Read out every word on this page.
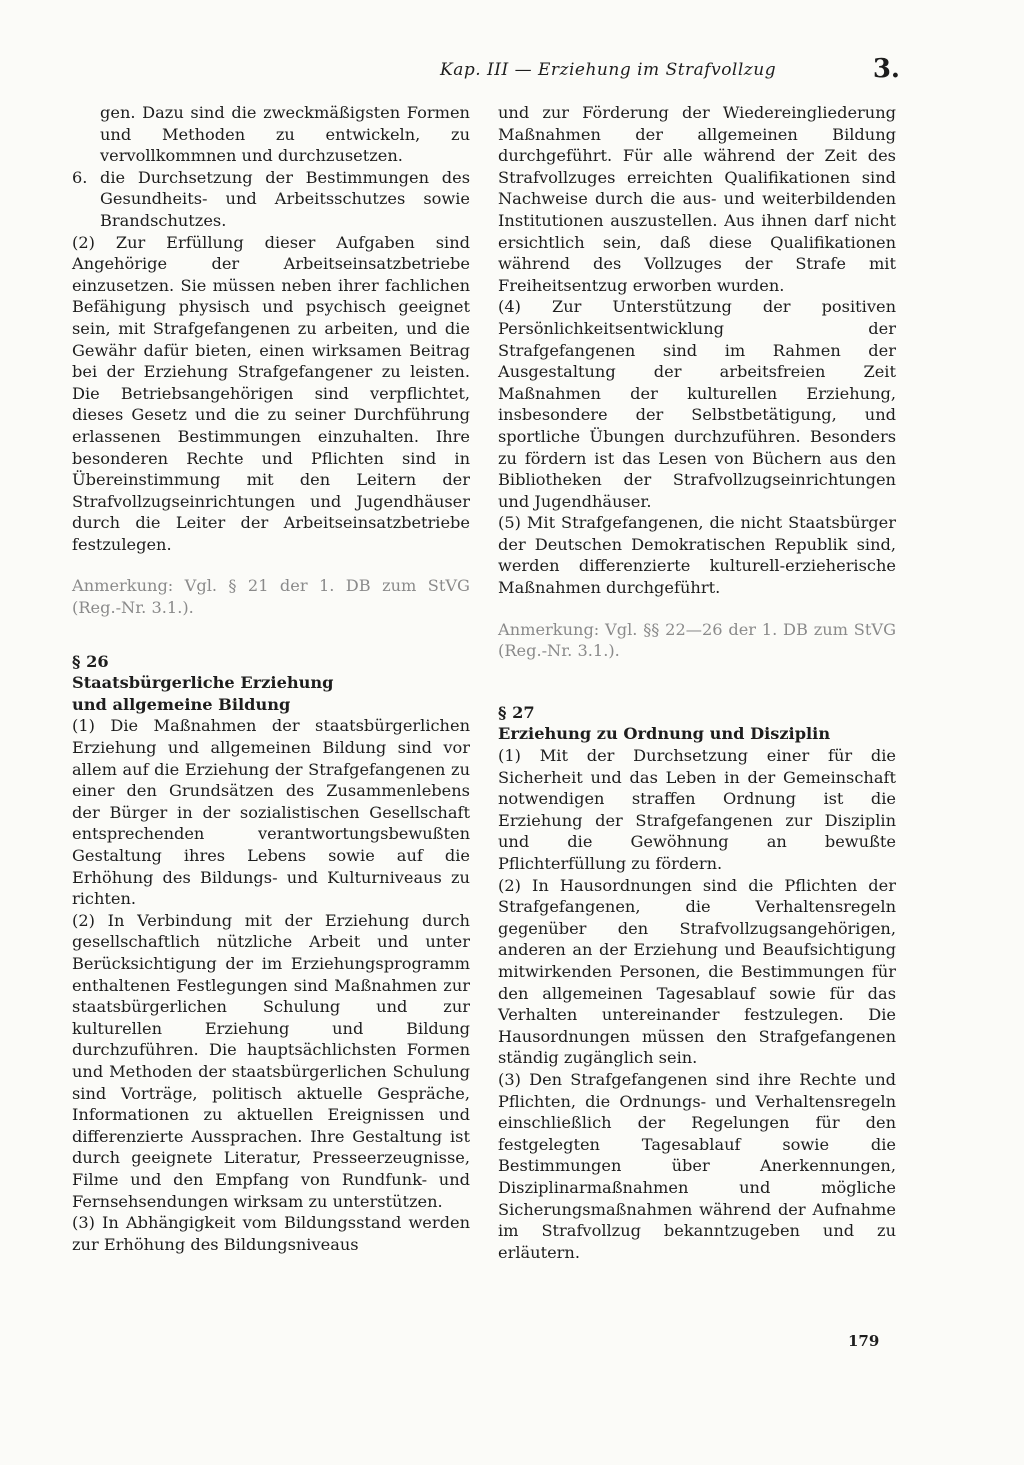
Kap. III — Erziehung im Strafvollzug	3.

gen. Dazu sind die zweckmäßigsten Formen und Methoden zu entwickeln, zu vervollkommnen und durchzusetzen.

6. die Durchsetzung der Bestimmungen des Gesundheits- und Arbeitsschutzes sowie Brandschutzes.

(2) Zur Erfüllung dieser Aufgaben sind Angehörige der Arbeitseinsatzbetriebe einzusetzen. Sie müssen neben ihrer fachlichen Befähigung physisch und psychisch geeignet sein, mit Strafgefangenen zu arbeiten, und die Gewähr dafür bieten, einen wirksamen Beitrag bei der Erziehung Strafgefangener zu leisten. Die Betriebsangehörigen sind verpflichtet, dieses Gesetz und die zu seiner Durchführung erlassenen Bestimmungen einzuhalten. Ihre besonderen Rechte und Pflichten sind in Übereinstimmung mit den Leitern der Strafvollzugseinrichtungen und Jugendhäuser durch die Leiter der Arbeitseinsatzbetriebe festzulegen.

Anmerkung: Vgl. § 21 der 1. DB zum StVG (Reg.-Nr. 3.1.).

§ 26
Staatsbürgerliche Erziehung
und allgemeine Bildung

(1) Die Maßnahmen der staatsbürgerlichen Erziehung und allgemeinen Bildung sind vor allem auf die Erziehung der Strafgefangenen zu einer den Grundsätzen des Zusammenlebens der Bürger in der sozialistischen Gesellschaft entsprechenden verantwortungsbewußten Gestaltung ihres Lebens sowie auf die Erhöhung des Bildungs- und Kulturniveaus zu richten.

(2) In Verbindung mit der Erziehung durch gesellschaftlich nützliche Arbeit und unter Berücksichtigung der im Erziehungsprogramm enthaltenen Festlegungen sind Maßnahmen zur staatsbürgerlichen Schulung und zur kulturellen Erziehung und Bildung durchzuführen. Die hauptsächlichsten Formen und Methoden der staatsbürgerlichen Schulung sind Vorträge, politisch aktuelle Gespräche, Informationen zu aktuellen Ereignissen und differenzierte Aussprachen. Ihre Gestaltung ist durch geeignete Literatur, Presseerzeugnisse, Filme und den Empfang von Rundfunk- und Fernsehsendungen wirksam zu unterstützen.

(3) In Abhängigkeit vom Bildungsstand werden zur Erhöhung des Bildungsniveaus

und zur Förderung der Wiedereingliederung Maßnahmen der allgemeinen Bildung durchgeführt. Für alle während der Zeit des Strafvollzuges erreichten Qualifikationen sind Nachweise durch die aus- und weiterbildenden Institutionen auszustellen. Aus ihnen darf nicht ersichtlich sein, daß diese Qualifikationen während des Vollzuges der Strafe mit Freiheitsentzug erworben wurden.

(4) Zur Unterstützung der positiven Persönlichkeitsentwicklung der Strafgefangenen sind im Rahmen der Ausgestaltung der arbeitsfreien Zeit Maßnahmen der kulturellen Erziehung, insbesondere der Selbstbetätigung, und sportliche Übungen durchzuführen. Besonders zu fördern ist das Lesen von Büchern aus den Bibliotheken der Strafvollzugseinrichtungen und Jugendhäuser.

(5) Mit Strafgefangenen, die nicht Staatsbürger der Deutschen Demokratischen Republik sind, werden differenzierte kulturell-erzieherische Maßnahmen durchgeführt.

Anmerkung: Vgl. §§ 22—26 der 1. DB zum StVG (Reg.-Nr. 3.1.).

§ 27
Erziehung zu Ordnung und Disziplin

(1) Mit der Durchsetzung einer für die Sicherheit und das Leben in der Gemeinschaft notwendigen straffen Ordnung ist die Erziehung der Strafgefangenen zur Disziplin und die Gewöhnung an bewußte Pflichterfüllung zu fördern.

(2) In Hausordnungen sind die Pflichten der Strafgefangenen, die Verhaltensregeln gegenüber den Strafvollzugsangehörigen, anderen an der Erziehung und Beaufsichtigung mitwirkenden Personen, die Bestimmungen für den allgemeinen Tagesablauf sowie für das Verhalten untereinander festzulegen. Die Hausordnungen müssen den Strafgefangenen ständig zugänglich sein.

(3) Den Strafgefangenen sind ihre Rechte und Pflichten, die Ordnungs- und Verhaltensregeln einschließlich der Regelungen für den festgelegten Tagesablauf sowie die Bestimmungen über Anerkennungen, Disziplinarmaßnahmen und mögliche Sicherungsmaßnahmen während der Aufnahme im Strafvollzug bekanntzugeben und zu erläutern.

179
